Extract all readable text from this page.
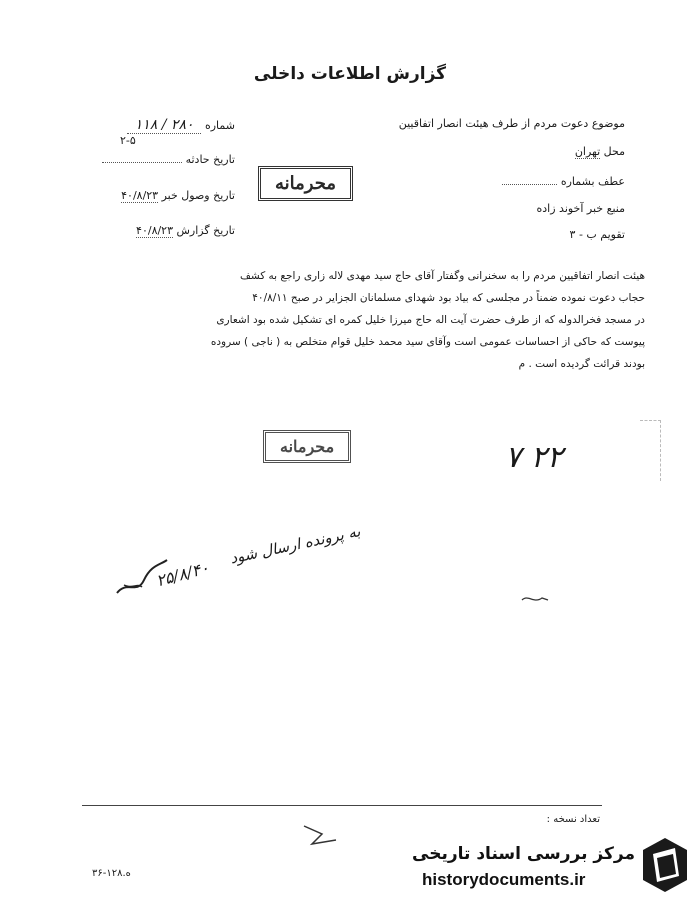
گزارش اطلاعات داخلی
شماره ۲۸۰ / ۱۱۸
۲-۵
تاریخ حادثه
تاریخ وصول خبر ۴۰/۸/۲۳
تاریخ گزارش ۴۰/۸/۲۳
موضوع دعوت مردم از طرف هیئت انصار اتفاقیین
محل تهران
عطف بشماره
منبع خبر آخوند زاده
تقویم ب - ۳
محرمانه
هیئت انصار اتفاقیین مردم را به سخنرانی وگفتار آقای حاج سید مهدی لاله زاری راجع به کشف
حجاب دعوت نموده ضمناً در مجلسی که بیاد بود شهدای مسلمانان الجزایر در صبح ۴۰/۸/۱۱
در مسجد فخرالدوله که از طرف حضرت آیت اله حاج میرزا خلیل کمره ای تشکیل شده بود اشعاری
پیوست که حاکی از احساسات عمومی است وآقای سید محمد خلیل قوام متخلص به ( ناجی ) سروده
بودند قرائت گردیده است . م
محرمانه	۷ ۲۲
به پرونده ارسال شود
۲۵/۸/۴۰
تعداد نسخه :
ه.۱۲۸-۳۶
مرکز بررسی اسناد تاریخی
historydocuments.ir
